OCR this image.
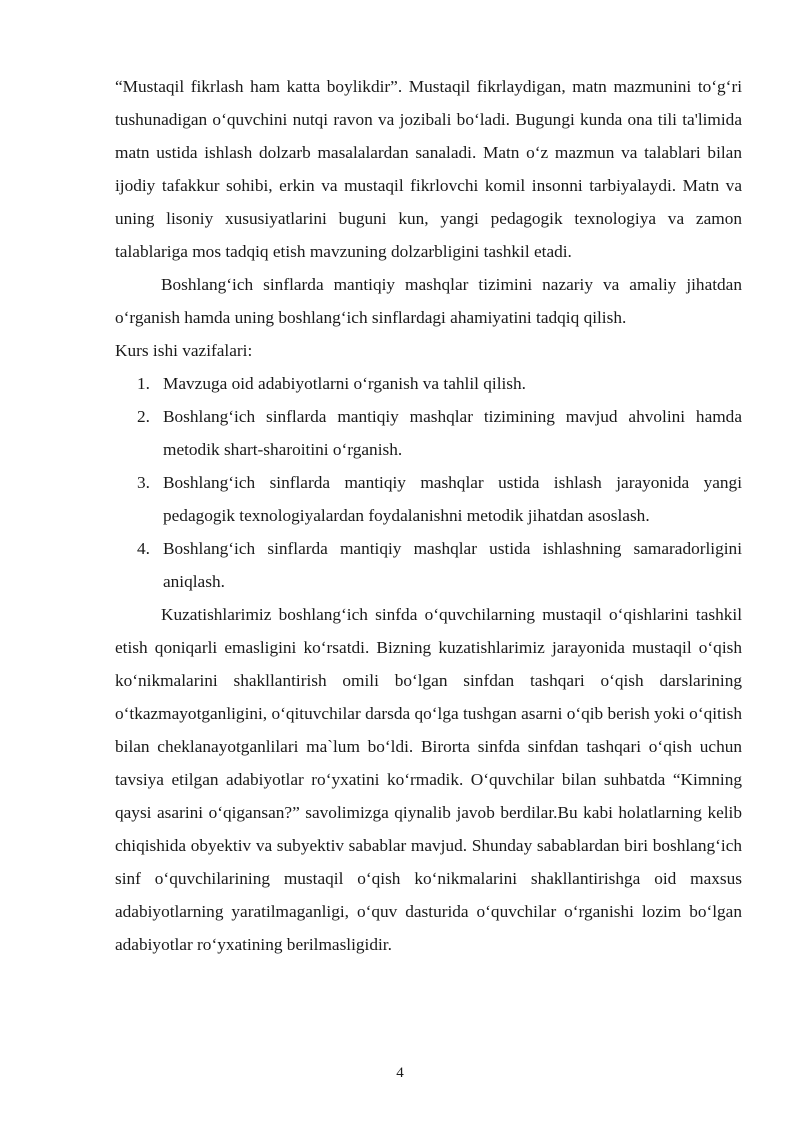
“Mustaqil fikrlash ham katta boylikdir”. Mustaqil fikrlaydigan, matn mazmunini to‘g‘ri tushunadigan o‘quvchini nutqi ravon va jozibali bo‘ladi. Bugungi kunda ona tili ta'limida matn ustida ishlash dolzarb masalalardan sanaladi. Matn o‘z mazmun va talablari bilan ijodiy tafakkur sohibi, erkin va mustaqil fikrlovchi komil insonni tarbiyalaydi. Matn va uning lisoniy xususiyatlarini buguni kun, yangi pedagogik texnologiya va zamon talablariga mos tadqiq etish mavzuning dolzarbligini tashkil etadi.

Boshlang‘ich sinflarda mantiqiy mashqlar tizimini nazariy va amaliy jihatdan o‘rganish hamda uning boshlang‘ich sinflardagi ahamiyatini tadqiq qilish.

Kurs ishi vazifalari:

1. Mavzuga oid adabiyotlarni o‘rganish va tahlil qilish.
2. Boshlang‘ich sinflarda mantiqiy mashqlar tizimining mavjud ahvolini hamda metodik shart-sharoitini o‘rganish.
3. Boshlang‘ich sinflarda mantiqiy mashqlar ustida ishlash jarayonida yangi pedagogik texnologiyalardan foydalanishni metodik jihatdan asoslash.
4. Boshlang‘ich sinflarda mantiqiy mashqlar ustida ishlashning samaradorligini aniqlash.

Kuzatishlarimiz boshlang‘ich sinfda o‘quvchilarning mustaqil o‘qishlarini tashkil etish qoniqarli emasligini ko‘rsatdi. Bizning kuzatishlarimiz jarayonida mustaqil o‘qish ko‘nikmalarini shakllantirish omili bo‘lgan sinfdan tashqari o‘qish darslarining o‘tkazmayotganligini, o‘qituvchilar darsda qo‘lga tushgan asarni o‘qib berish yoki o‘qitish bilan cheklanayotganlilari ma`lum bo‘ldi. Birorta sinfda sinfdan tashqari o‘qish uchun tavsiya etilgan adabiyotlar ro‘yxatini ko‘rmadik. O‘quvchilar bilan suhbatda “Kimning qaysi asarini o‘qigansan?” savolimizga qiynalib javob berdilar.Bu kabi holatlarning kelib chiqishida obyektiv va subyektiv sabablar mavjud. Shunday sabablardan biri boshlang‘ich sinf o‘quvchilarining mustaqil o‘qish ko‘nikmalarini shakllantirishga oid maxsus adabiyotlarning yaratilmaganligi, o‘quv dasturida o‘quvchilar o‘rganishi lozim bo‘lgan adabiyotlar ro‘yxatining berilmasligidir.

4
